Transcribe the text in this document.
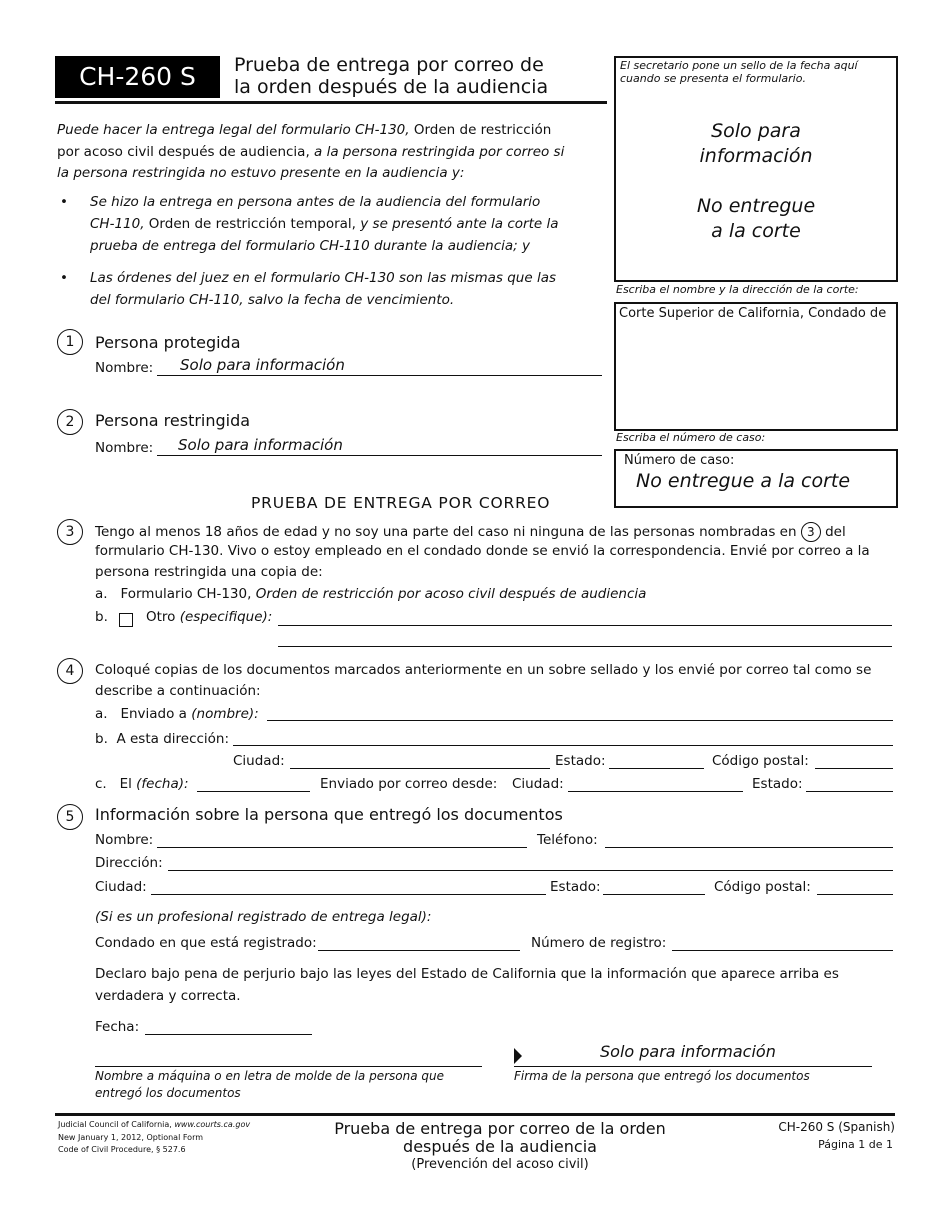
CH-260 S	Prueba de entrega por correo de
la orden después de la audiencia
El secretario pone un sello de la fecha aquí
cuando se presenta el formulario.
Solo para
información
No entregue
a la corte
Escriba el nombre y la dirección de la corte:
Corte Superior de California, Condado de
Escriba el número de caso:
Número de caso:
No entregue a la corte
Puede hacer la entrega legal del formulario CH-130, Orden de restricción
por acoso civil después de audiencia, a la persona restringida por correo si
la persona restringida no estuvo presente en la audiencia y:
• Se hizo la entrega en persona antes de la audiencia del formulario
CH-110, Orden de restricción temporal, y se presentó ante la corte la
prueba de entrega del formulario CH-110 durante la audiencia; y
• Las órdenes del juez en el formulario CH-130 son las mismas que las
del formulario CH-110, salvo la fecha de vencimiento.
1	Persona protegida
Nombre: Solo para información
2	Persona restringida
Nombre: Solo para información
PRUEBA DE ENTREGA POR CORREO
3	Tengo al menos 18 años de edad y no soy una parte del caso ni ninguna de las personas nombradas en 3 del
formulario CH-130. Vivo o estoy empleado en el condado donde se envió la correspondencia. Envié por correo a la
persona restringida una copia de:
a. Formulario CH-130, Orden de restricción por acoso civil después de audiencia
b.	Otro (especifique):
4	Coloqué copias de los documentos marcados anteriormente en un sobre sellado y los envié por correo tal como se
describe a continuación:
a. Enviado a (nombre):
b. A esta dirección:
Ciudad:	Estado:	Código postal:
c. El (fecha):	Enviado por correo desde: Ciudad:	Estado:
5	Información sobre la persona que entregó los documentos
Nombre:	Teléfono:
Dirección:
Ciudad:	Estado:	Código postal:
(Si es un profesional registrado de entrega legal):
Condado en que está registrado:	Número de registro:
Declaro bajo pena de perjurio bajo las leyes del Estado de California que la información que aparece arriba es
verdadera y correcta.
Fecha:
Nombre a máquina o en letra de molde de la persona que
entregó los documentos
Solo para información
Firma de la persona que entregó los documentos
Judicial Council of California, www.courts.ca.gov
New January 1, 2012, Optional Form
Code of Civil Procedure, § 527.6
Prueba de entrega por correo de la orden
después de la audiencia
(Prevención del acoso civil)
CH-260 S (Spanish)
Página 1 de 1
